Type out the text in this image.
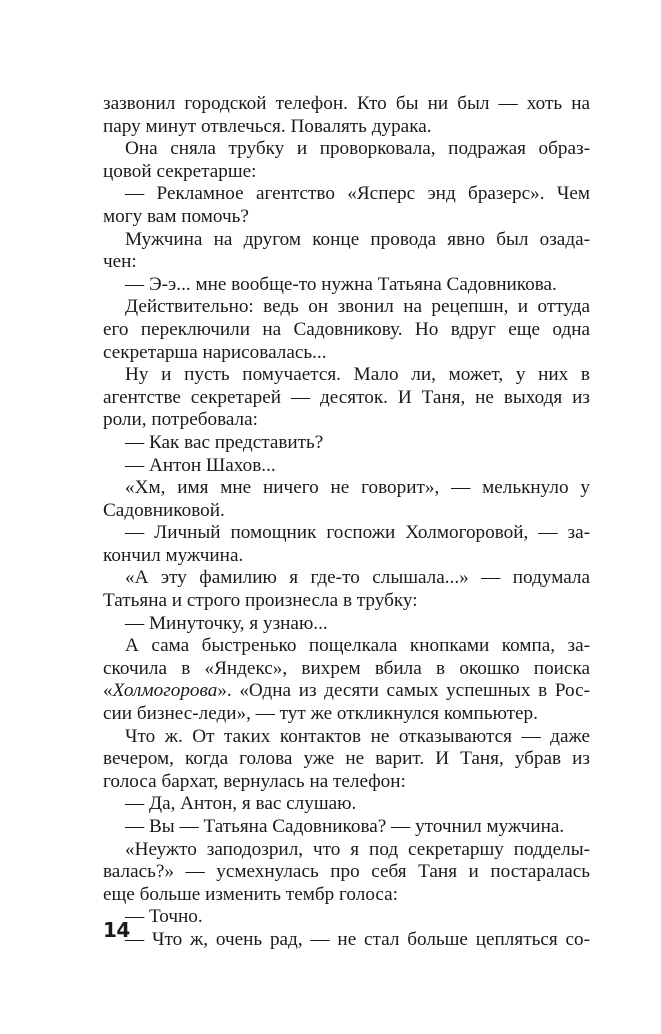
зазвонил городской телефон. Кто бы ни был — хоть на
пару минут отвлечься. Повалять дурака.
Она сняла трубку и проворковала, подражая образ-
цовой секретарше:
— Рекламное агентство «Ясперс энд бразерс». Чем
могу вам помочь?
Мужчина на другом конце провода явно был озада-
чен:
— Э-э... мне вообще-то нужна Татьяна Садовникова.
Действительно: ведь он звонил на рецепшн, и оттуда
его переключили на Садовникову. Но вдруг еще одна
секретарша нарисовалась...
Ну и пусть помучается. Мало ли, может, у них в
агентстве секретарей — десяток. И Таня, не выходя из
роли, потребовала:
— Как вас представить?
— Антон Шахов...
«Хм, имя мне ничего не говорит», — мелькнуло у
Садовниковой.
— Личный помощник госпожи Холмогоровой, — за-
кончил мужчина.
«А эту фамилию я где-то слышала...» — подумала
Татьяна и строго произнесла в трубку:
— Минуточку, я узнаю...
А сама быстренько пощелкала кнопками компа, за-
скочила в «Яндекс», вихрем вбила в окошко поиска
«Холмогорова». «Одна из десяти самых успешных в Рос-
сии бизнес-леди», — тут же откликнулся компьютер.
Что ж. От таких контактов не отказываются — даже
вечером, когда голова уже не варит. И Таня, убрав из
голоса бархат, вернулась на телефон:
— Да, Антон, я вас слушаю.
— Вы — Татьяна Садовникова? — уточнил мужчина.
«Неужто заподозрил, что я под секретаршу подделы-
валась?» — усмехнулась про себя Таня и постаралась
еще больше изменить тембр голоса:
— Точно.
— Что ж, очень рад, — не стал больше цепляться со-
14
